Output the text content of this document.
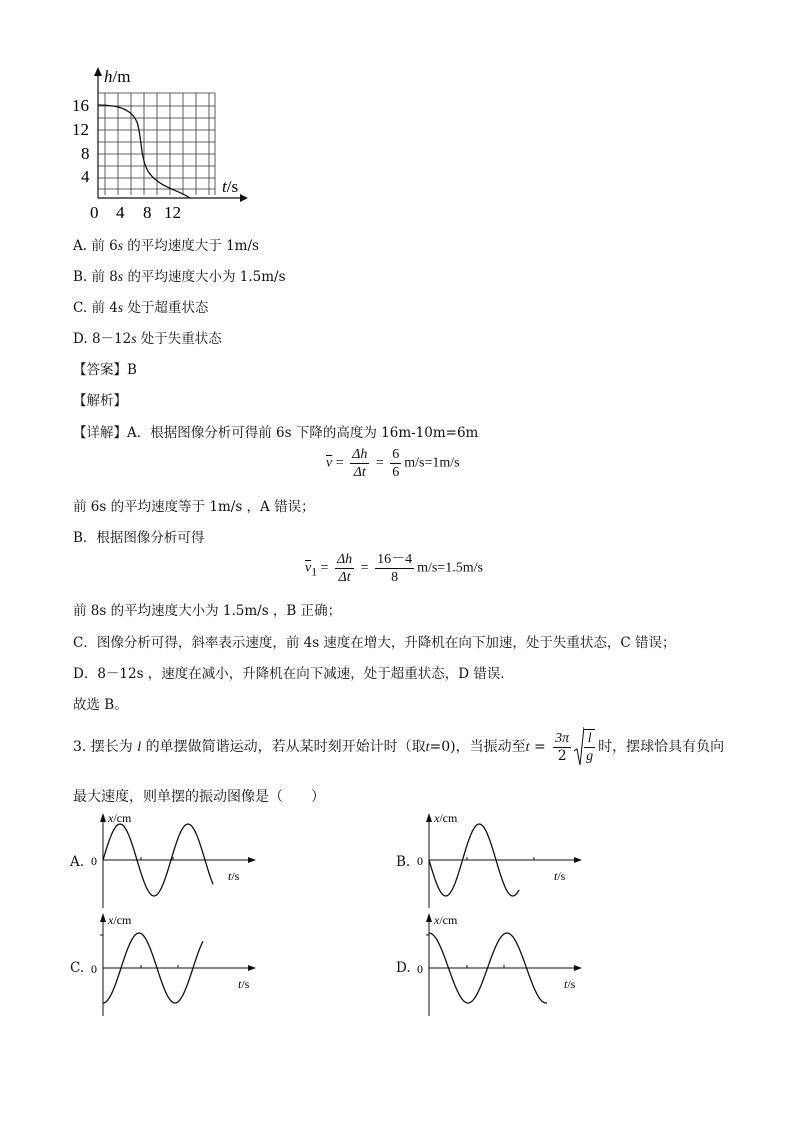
h/m
t/s
16
12
8
4
0 4 8 12
A. 前 6s 的平均速度大于 1m/s
B. 前 8s 的平均速度大小为 1.5m/s
C. 前 4s 处于超重状态
D. 8－12s 处于失重状态
【答案】B
【解析】
【详解】A．根据图像分析可得前 6s 下降的高度为 16m-10m=6m
$\overline{v} = \frac{\Delta h}{\Delta t} = \frac{6}{6} m/s=1m/s$
前 6s 的平均速度等于 1m/s ，A 错误；
B．根据图像分析可得
$\overline{v}_1 = \frac{\Delta h}{\Delta t} = \frac{16-4}{8} m/s=1.5m/s$
前 8s 的平均速度大小为 1.5m/s ，B 正确；
C．图像分析可得，斜率表示速度，前 4s 速度在增大，升降机在向下加速，处于失重状态，C 错误；
D．8－12s ，速度在减小，升降机在向下减速，处于超重状态，D 错误．
故选 B。
3. 摆长为 l 的单摆做简谐运动，若从某时刻开始计时（取t=0)，当振动至$t = \frac{3\pi}{2} \frac{l}{g}$ 时，摆球恰具有负向
最大速度，则单摆的振动图像是（　　）
A.
x/cm
0
t/s
B.
x/cm
0
t/s
C.
x/cm
0
t/s
D.
x/cm
0
t/s
